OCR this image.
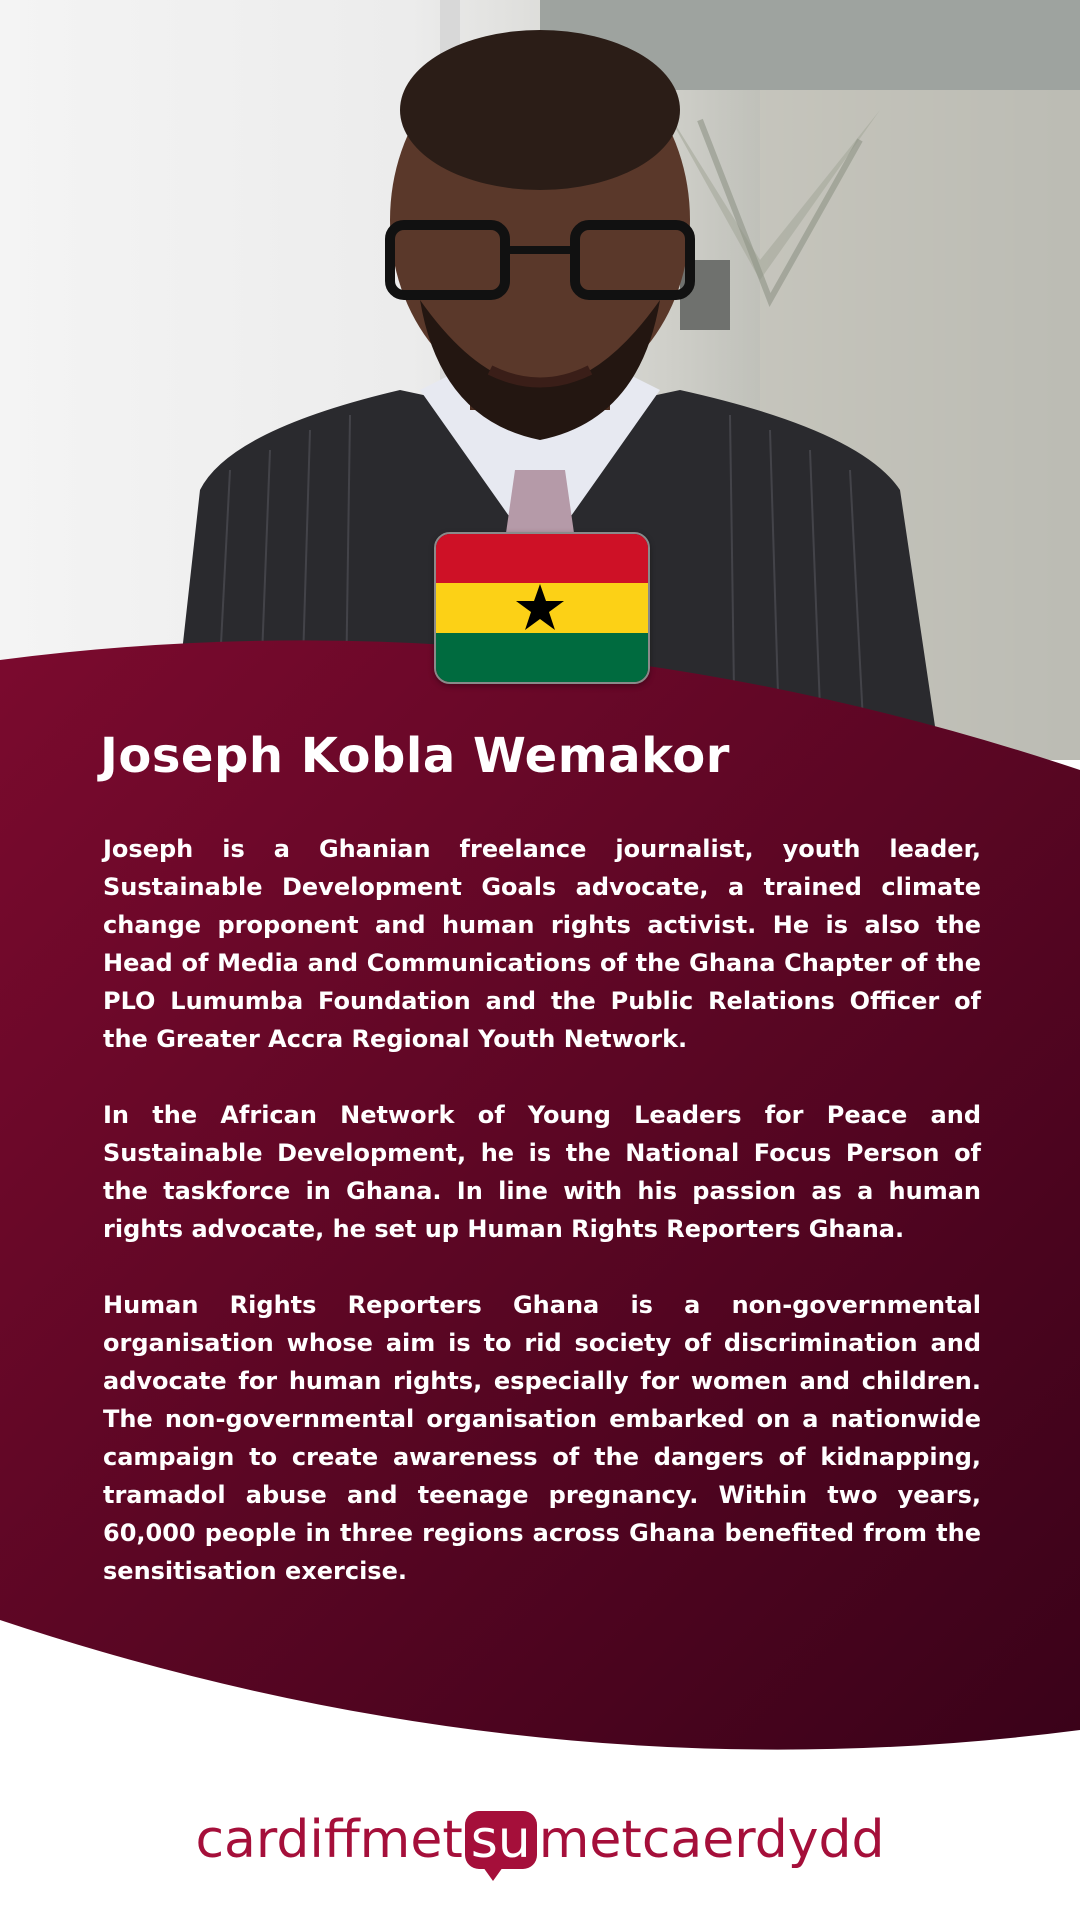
Joseph Kobla Wemakor

Joseph is a Ghanian freelance journalist, youth leader, Sustainable Development Goals advocate, a trained climate change proponent and human rights activist. He is also the Head of Media and Communications of the Ghana Chapter of the PLO Lumumba Foundation and the Public Relations Officer of the Greater Accra Regional Youth Network.

In the African Network of Young Leaders for Peace and Sustainable Development, he is the National Focus Person of the taskforce in Ghana. In line with his passion as a human rights advocate, he set up Human Rights Reporters Ghana.

Human Rights Reporters Ghana is a non-governmental organisation whose aim is to rid society of discrimination and advocate for human rights, especially for women and children. The non-governmental organisation embarked on a nationwide campaign to create awareness of the dangers of kidnapping, tramadol abuse and teenage pregnancy. Within two years, 60,000 people in three regions across Ghana benefited from the sensitisation exercise.

cardiffmet su metcaerdydd
